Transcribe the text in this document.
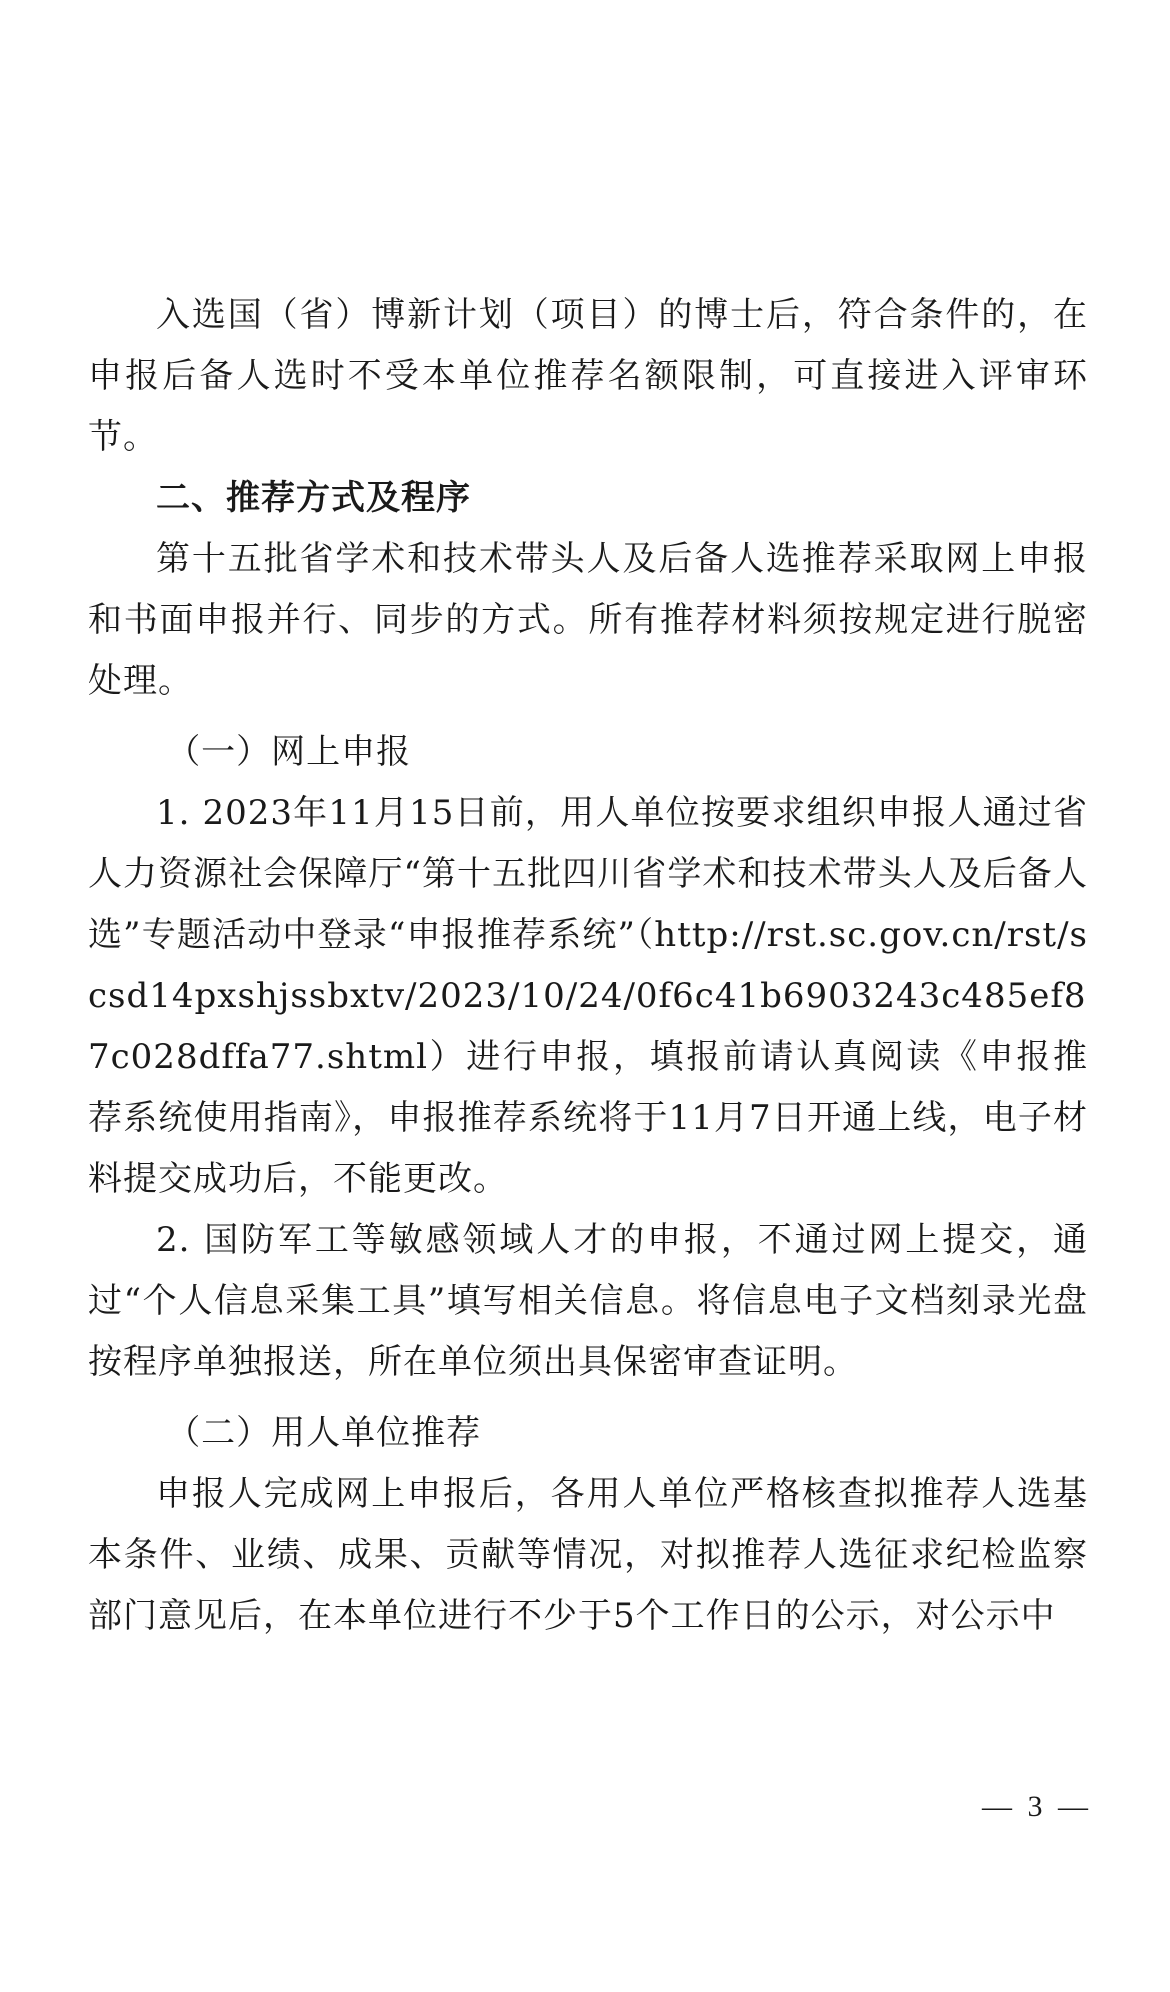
入选国（省）博新计划（项目）的博士后，符合条件的，在申报后备人选时不受本单位推荐名额限制，可直接进入评审环节。

二、推荐方式及程序

第十五批省学术和技术带头人及后备人选推荐采取网上申报和书面申报并行、同步的方式。所有推荐材料须按规定进行脱密处理。

（一）网上申报

1. 2023年11月15日前，用人单位按要求组织申报人通过省人力资源社会保障厅“第十五批四川省学术和技术带头人及后备人选”专题活动中登录“申报推荐系统”（http://rst.sc.gov.cn/rst/scsd14pxshjssbxtv/2023/10/24/0f6c41b6903243c485ef87c028dffa77.shtml）进行申报，填报前请认真阅读《申报推荐系统使用指南》，申报推荐系统将于11月7日开通上线，电子材料提交成功后，不能更改。

2. 国防军工等敏感领域人才的申报，不通过网上提交，通过“个人信息采集工具”填写相关信息。将信息电子文档刻录光盘按程序单独报送，所在单位须出具保密审查证明。

（二）用人单位推荐

申报人完成网上申报后，各用人单位严格核查拟推荐人选基本条件、业绩、成果、贡献等情况，对拟推荐人选征求纪检监察部门意见后，在本单位进行不少于5个工作日的公示，对公示中

— 3 —
